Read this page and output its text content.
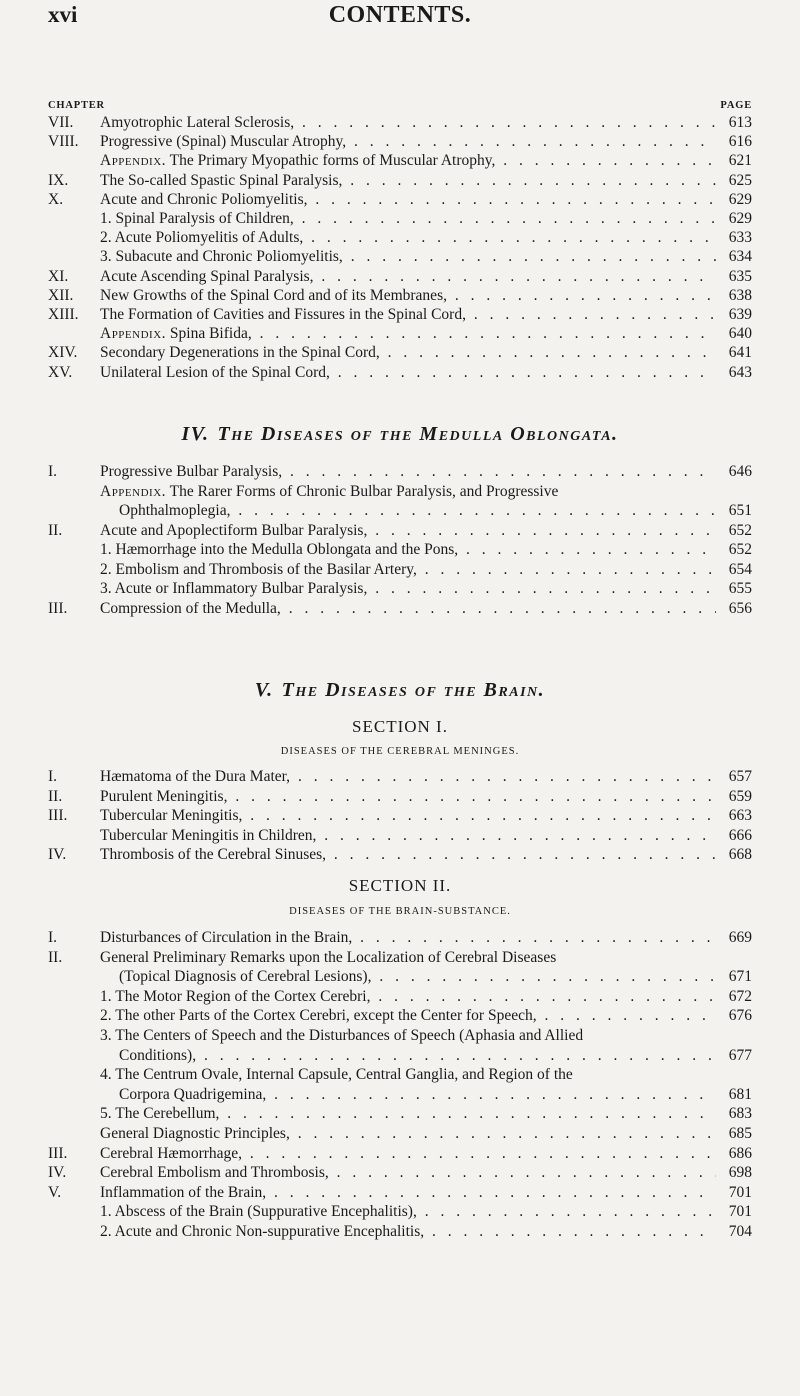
xvi	CONTENTS.
CHAPTER	PAGE
VII.	Amyotrophic Lateral Sclerosis, . . .	613
VIII.	Progressive (Spinal) Muscular Atrophy, . . .	616
Appendix. The Primary Myopathic forms of Muscular Atrophy, . . .	621
IX.	The So-called Spastic Spinal Paralysis, . . .	625
X.	Acute and Chronic Poliomyelitis, . . .	629
1. Spinal Paralysis of Children, . . .	629
2. Acute Poliomyelitis of Adults, . . .	633
3. Subacute and Chronic Poliomyelitis, . . .	634
XI.	Acute Ascending Spinal Paralysis, . . .	635
XII.	New Growths of the Spinal Cord and of its Membranes, . . .	638
XIII.	The Formation of Cavities and Fissures in the Spinal Cord, . . .	639
Appendix. Spina Bifida, . . .	640
XIV.	Secondary Degenerations in the Spinal Cord, . . .	641
XV.	Unilateral Lesion of the Spinal Cord, . . .	643
IV. The Diseases of the Medulla Oblongata.
I.	Progressive Bulbar Paralysis, . . .	646
Appendix. The Rarer Forms of Chronic Bulbar Paralysis, and Progressive
Ophthalmoplegia, . . .	651
II.	Acute and Apoplectiform Bulbar Paralysis, . . .	652
1. Hæmorrhage into the Medulla Oblongata and the Pons, . . .	652
2. Embolism and Thrombosis of the Basilar Artery, . . .	654
3. Acute or Inflammatory Bulbar Paralysis, . . .	655
III.	Compression of the Medulla, . . .	656
V. The Diseases of the Brain.
SECTION I.
DISEASES OF THE CEREBRAL MENINGES.
I.	Hæmatoma of the Dura Mater, . . .	657
II.	Purulent Meningitis, . . .	659
III.	Tubercular Meningitis, . . .	663
Tubercular Meningitis in Children, . . .	666
IV.	Thrombosis of the Cerebral Sinuses, . . .	668
SECTION II.
DISEASES OF THE BRAIN-SUBSTANCE.
I.	Disturbances of Circulation in the Brain, . . .	669
II.	General Preliminary Remarks upon the Localization of Cerebral Diseases
(Topical Diagnosis of Cerebral Lesions), . . .	671
1. The Motor Region of the Cortex Cerebri, . . .	672
2. The other Parts of the Cortex Cerebri, except the Center for Speech, . . .	676
3. The Centers of Speech and the Disturbances of Speech (Aphasia and Allied
Conditions), . . .	677
4. The Centrum Ovale, Internal Capsule, Central Ganglia, and Region of the
Corpora Quadrigemina, . . .	681
5. The Cerebellum, . . .	683
General Diagnostic Principles, . . .	685
III.	Cerebral Hæmorrhage, . . .	686
IV.	Cerebral Embolism and Thrombosis, . . .	698
V.	Inflammation of the Brain, . . .	701
1. Abscess of the Brain (Suppurative Encephalitis), . . .	701
2. Acute and Chronic Non-suppurative Encephalitis, . . .	704
